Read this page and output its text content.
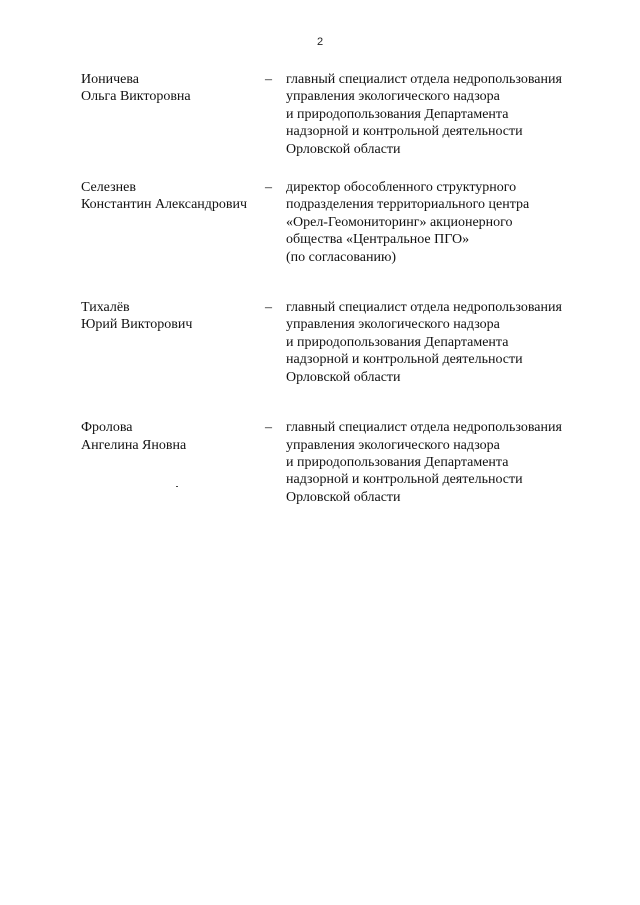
2
Ионичева
Ольга Викторовна
– главный специалист отдела недропользования
управления экологического надзора
и природопользования Департамента
надзорной и контрольной деятельности
Орловской области
Селезнев
Константин Александрович
– директор обособленного структурного
подразделения территориального центра
«Орел-Геомониторинг» акционерного
общества «Центральное ПГО»
(по согласованию)
Тихалёв
Юрий Викторович
– главный специалист отдела недропользования
управления экологического надзора
и природопользования Департамента
надзорной и контрольной деятельности
Орловской области
Фролова
Ангелина Яновна
– главный специалист отдела недропользования
управления экологического надзора
и природопользования Департамента
надзорной и контрольной деятельности
Орловской области
